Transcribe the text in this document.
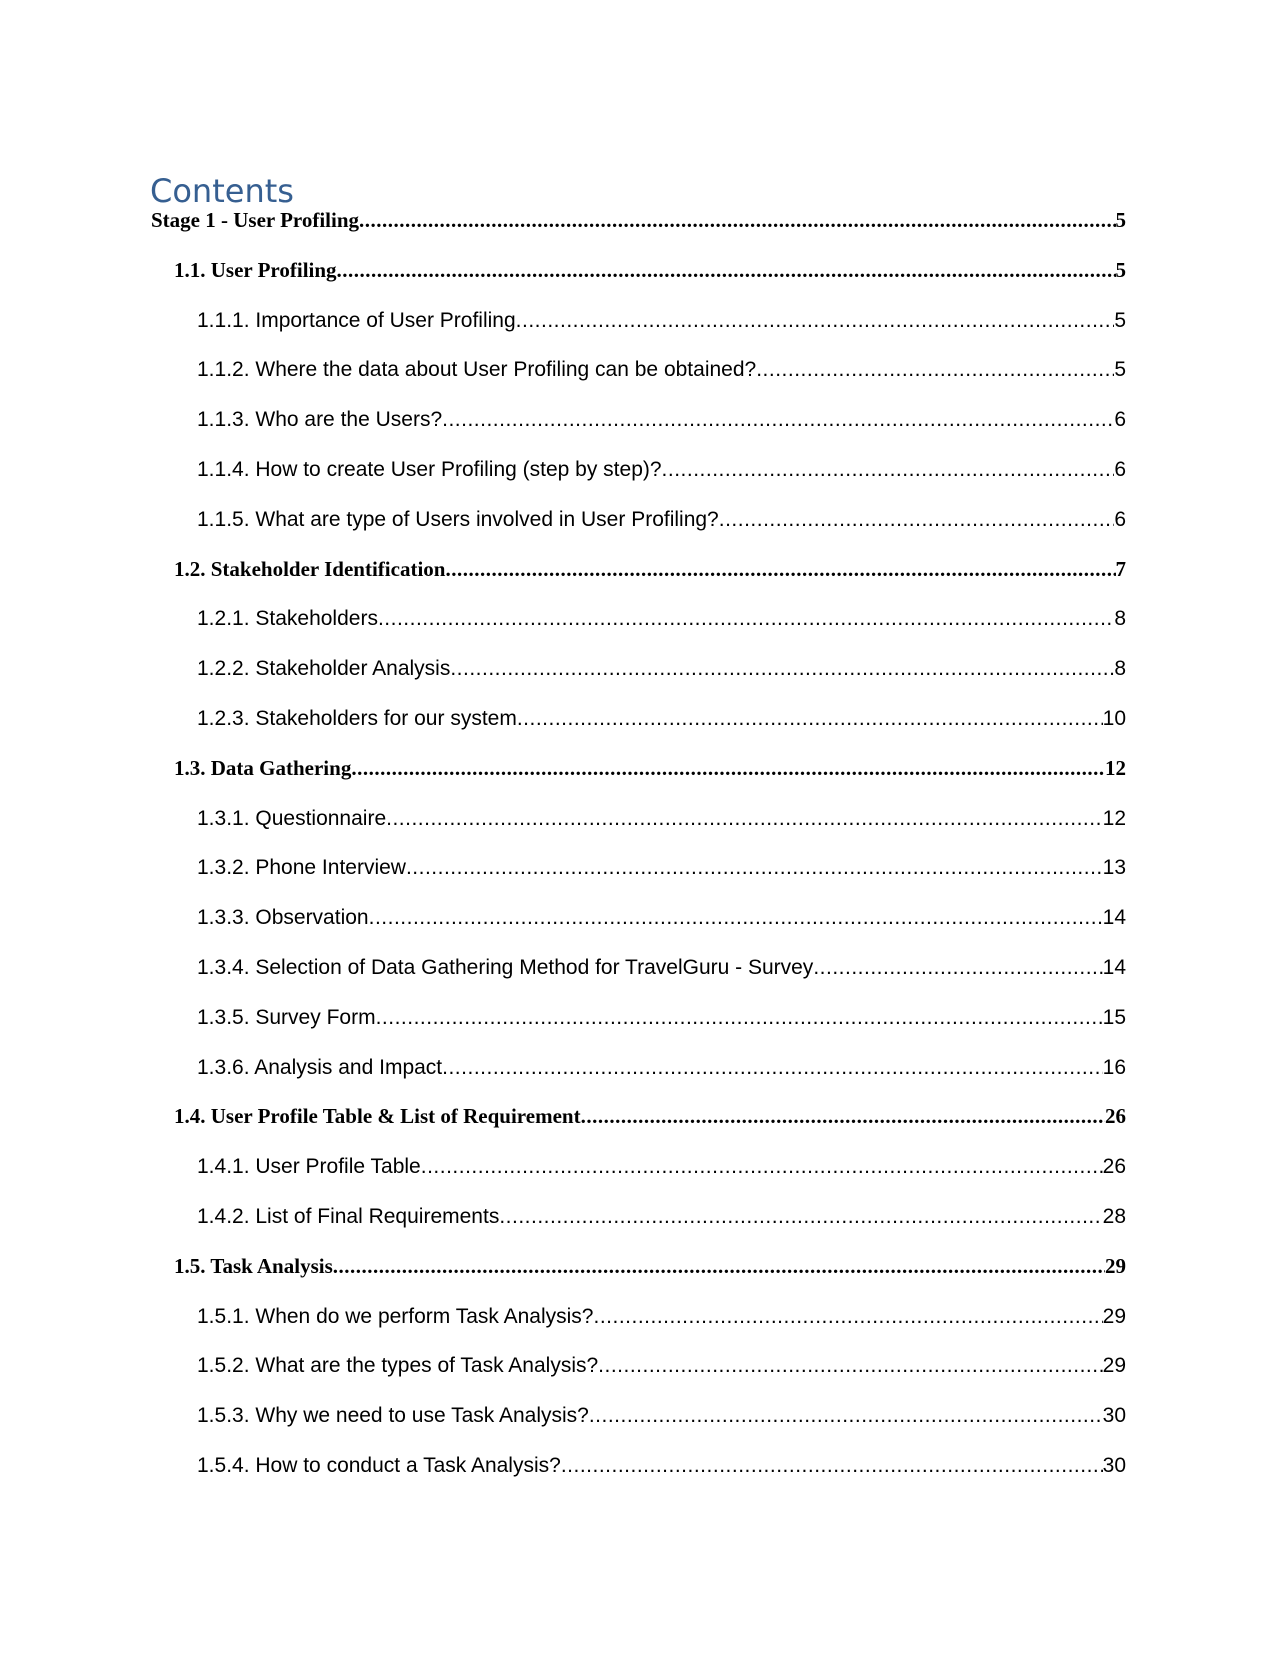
Contents
Stage 1 - User Profiling .....	5
1.1. User Profiling .....	5
1.1.1. Importance of User Profiling .....	5
1.1.2. Where the data about User Profiling can be obtained? .....	5
1.1.3. Who are the Users? .....	6
1.1.4. How to create User Profiling (step by step)? .....	6
1.1.5. What are type of Users involved in User Profiling? .....	6
1.2. Stakeholder Identification .....	7
1.2.1. Stakeholders .....	8
1.2.2. Stakeholder Analysis .....	8
1.2.3. Stakeholders for our system .....	10
1.3. Data Gathering .....	12
1.3.1. Questionnaire .....	12
1.3.2. Phone Interview .....	13
1.3.3. Observation .....	14
1.3.4. Selection of Data Gathering Method for TravelGuru - Survey .....	14
1.3.5. Survey Form .....	15
1.3.6. Analysis and Impact .....	16
1.4. User Profile Table & List of Requirement .....	26
1.4.1. User Profile Table .....	26
1.4.2. List of Final Requirements .....	28
1.5. Task Analysis .....	29
1.5.1. When do we perform Task Analysis? .....	29
1.5.2. What are the types of Task Analysis? .....	29
1.5.3. Why we need to use Task Analysis? .....	30
1.5.4. How to conduct a Task Analysis? .....	30
